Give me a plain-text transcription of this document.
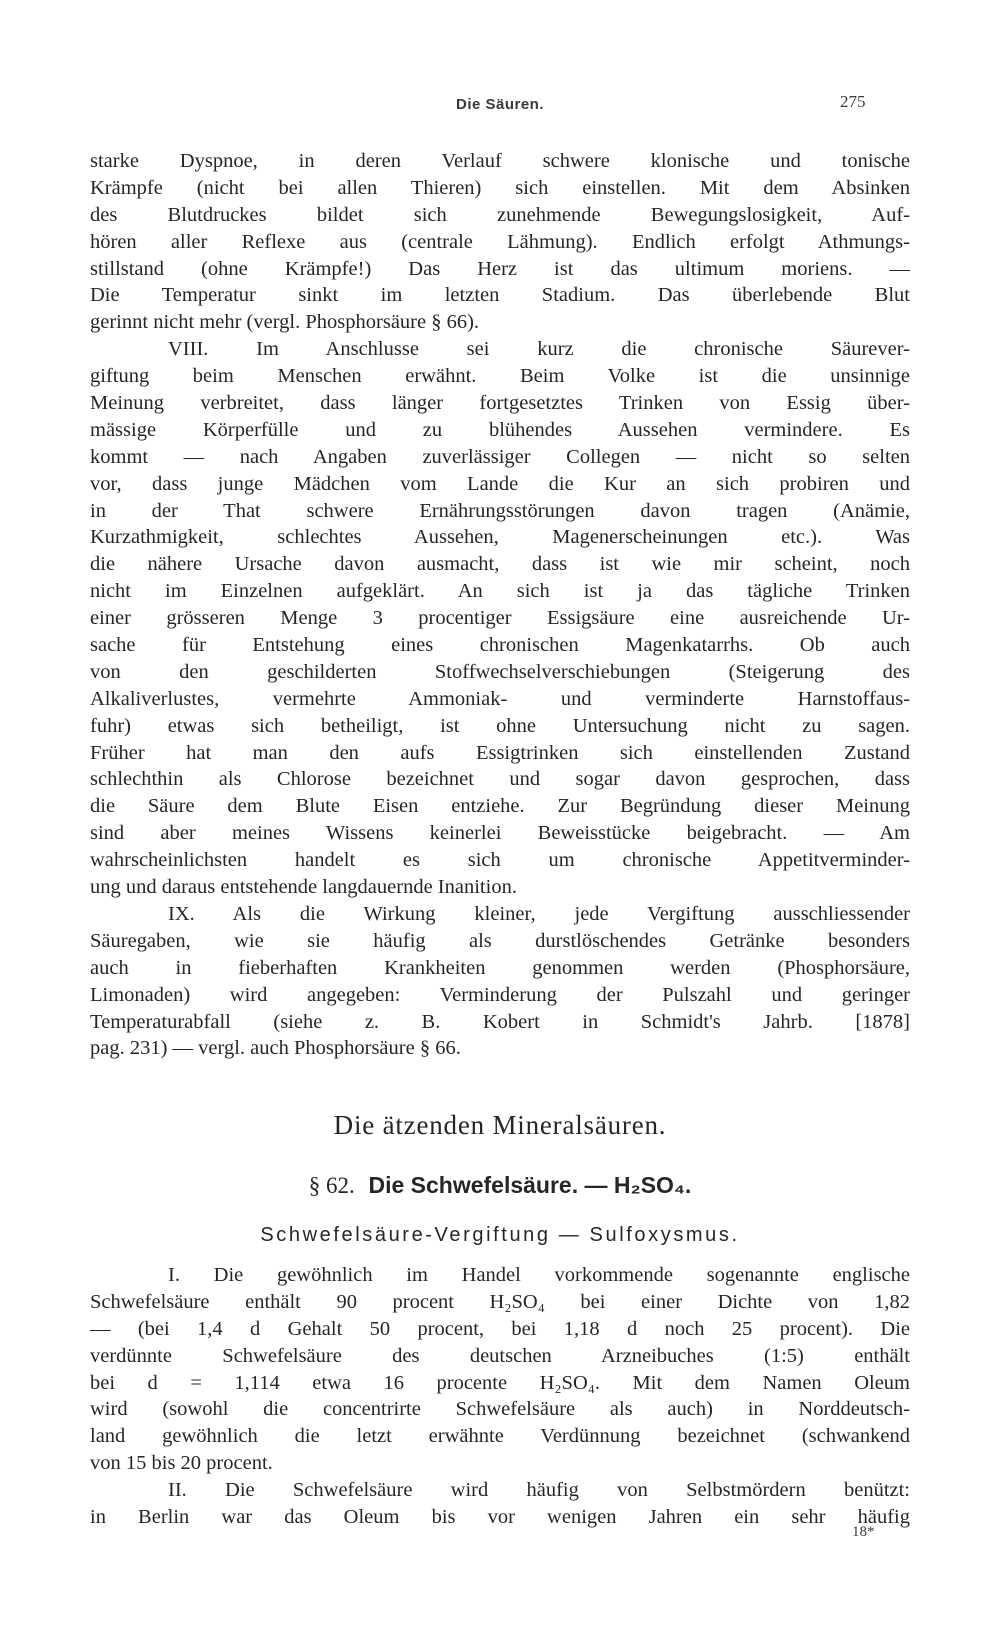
Die Säuren.	275
starke Dyspnoe, in deren Verlauf schwere klonische und tonische
Krämpfe (nicht bei allen Thieren) sich einstellen. Mit dem Absinken
des Blutdruckes bildet sich zunehmende Bewegungslosigkeit, Auf-
hören aller Reflexe aus (centrale Lähmung). Endlich erfolgt Athmungs-
stillstand (ohne Krämpfe!) Das Herz ist das ultimum moriens. —
Die Temperatur sinkt im letzten Stadium. Das überlebende Blut
gerinnt nicht mehr (vergl. Phosphorsäure § 66).
VIII. Im Anschlusse sei kurz die chronische Säurever-
giftung beim Menschen erwähnt. Beim Volke ist die unsinnige
Meinung verbreitet, dass länger fortgesetztes Trinken von Essig über-
mässige Körperfülle und zu blühendes Aussehen vermindere. Es
kommt — nach Angaben zuverlässiger Collegen — nicht so selten
vor, dass junge Mädchen vom Lande die Kur an sich probiren und
in der That schwere Ernährungsstörungen davon tragen (Anämie,
Kurzathmigkeit, schlechtes Aussehen, Magenerscheinungen etc.). Was
die nähere Ursache davon ausmacht, dass ist wie mir scheint, noch
nicht im Einzelnen aufgeklärt. An sich ist ja das tägliche Trinken
einer grösseren Menge 3 procentiger Essigsäure eine ausreichende Ur-
sache für Entstehung eines chronischen Magenkatarrhs. Ob auch
von den geschilderten Stoffwechselverschiebungen (Steigerung des
Alkaliverlustes, vermehrte Ammoniak- und verminderte Harnstoffaus-
fuhr) etwas sich betheiligt, ist ohne Untersuchung nicht zu sagen.
Früher hat man den aufs Essigtrinken sich einstellenden Zustand
schlechthin als Chlorose bezeichnet und sogar davon gesprochen, dass
die Säure dem Blute Eisen entziehe. Zur Begründung dieser Meinung
sind aber meines Wissens keinerlei Beweisstücke beigebracht. — Am
wahrscheinlichsten handelt es sich um chronische Appetitverminder-
ung und daraus entstehende langdauernde Inanition.
IX. Als die Wirkung kleiner, jede Vergiftung ausschliessender
Säuregaben, wie sie häufig als durstlöschendes Getränke besonders
auch in fieberhaften Krankheiten genommen werden (Phosphorsäure,
Limonaden) wird angegeben: Verminderung der Pulszahl und geringer
Temperaturabfall (siehe z. B. Kobert in Schmidt's Jahrb. [1878]
pag. 231) — vergl. auch Phosphorsäure § 66.
Die ätzenden Mineralsäuren.
§ 62. Die Schwefelsäure. — H₂SO₄.
Schwefelsäure-Vergiftung — Sulfoxysmus.
I. Die gewöhnlich im Handel vorkommende sogenannte englische
Schwefelsäure enthält 90 procent H₂SO₄ bei einer Dichte von 1,82
— (bei 1,4 d Gehalt 50 procent, bei 1,18 d noch 25 procent). Die
verdünnte Schwefelsäure des deutschen Arzneibuches (1:5) enthält
bei d = 1,114 etwa 16 procente H₂SO₄. Mit dem Namen Oleum
wird (sowohl die concentrirte Schwefelsäure als auch) in Norddeutsch-
land gewöhnlich die letzt erwähnte Verdünnung bezeichnet (schwankend
von 15 bis 20 procent.
II. Die Schwefelsäure wird häufig von Selbstmördern benützt:
in Berlin war das Oleum bis vor wenigen Jahren ein sehr häufig
18*
